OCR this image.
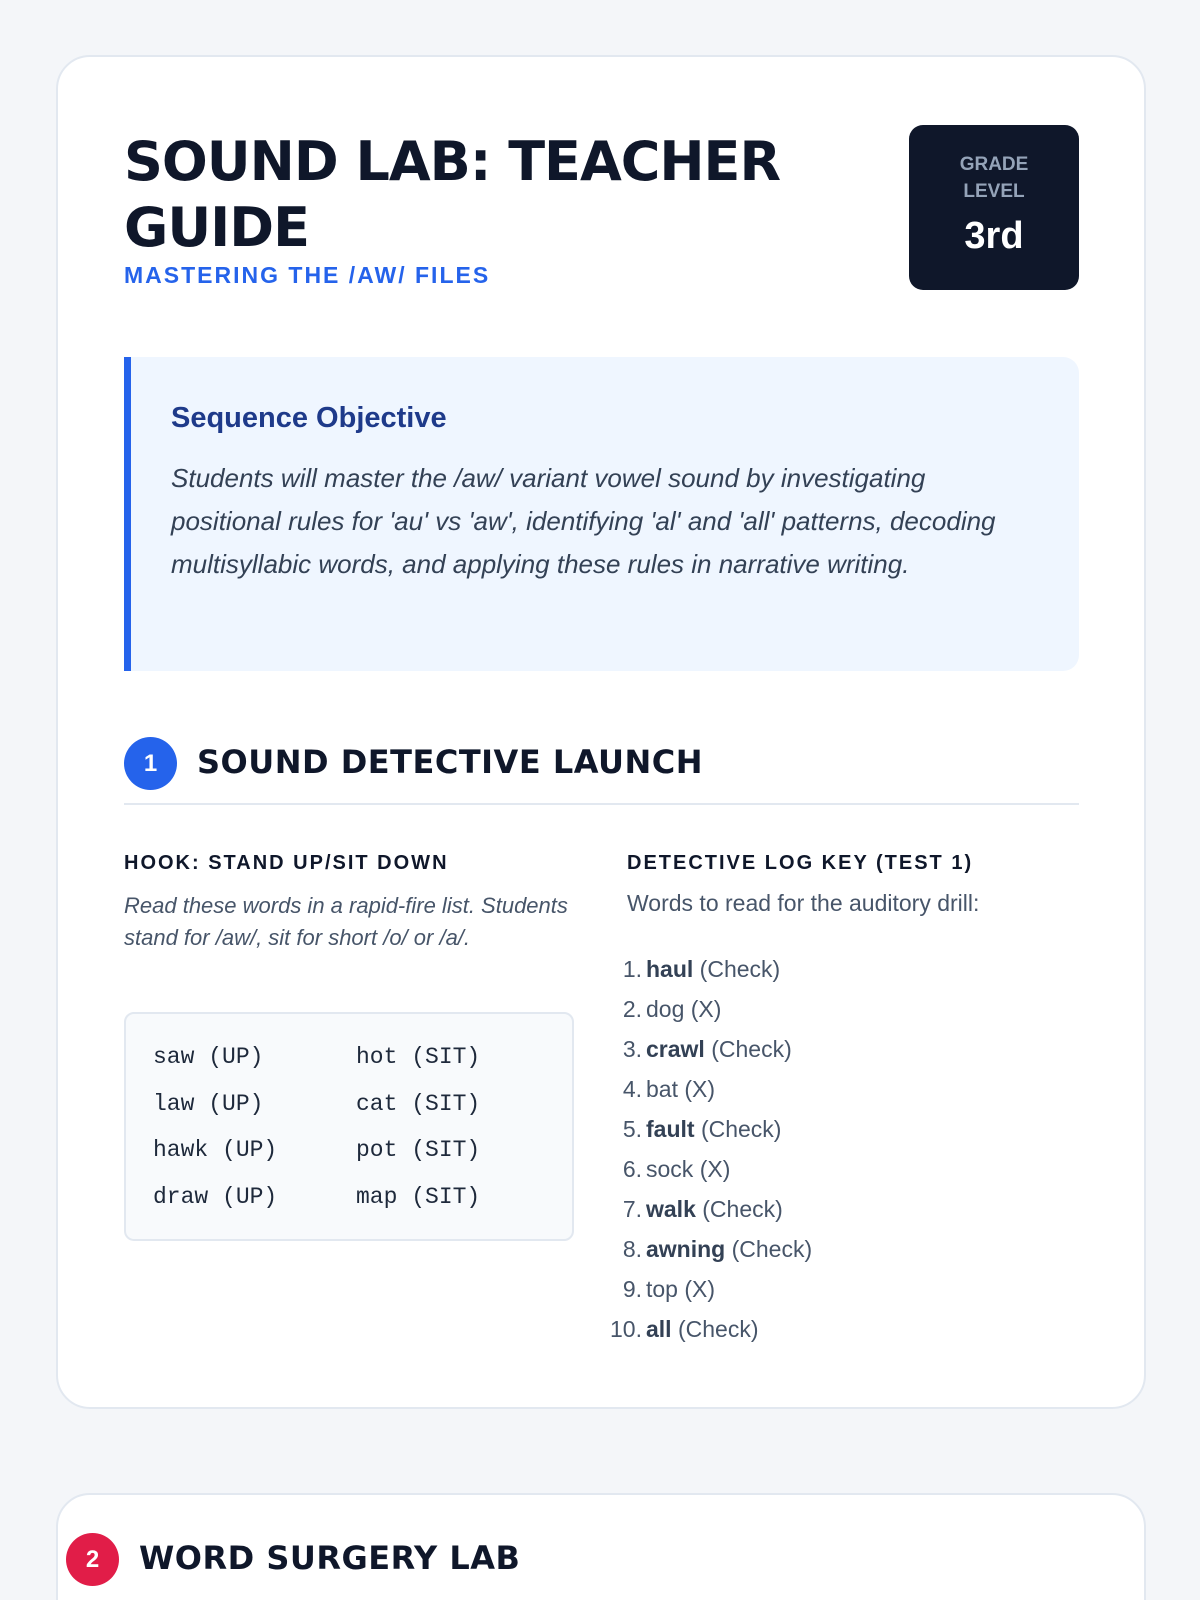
SOUND LAB: TEACHER GUIDE
MASTERING THE /AW/ FILES
GRADE LEVEL
3rd
Sequence Objective

Students will master the /aw/ variant vowel sound by investigating positional rules for 'au' vs 'aw', identifying 'al' and 'all' patterns, decoding multisyllabic words, and applying these rules in narrative writing.

1	SOUND DETECTIVE LAUNCH
HOOK: STAND UP/SIT DOWN

Read these words in a rapid-fire list. Students stand for /aw/, sit for short /o/ or /a/.

saw (UP)	hot (SIT)
law (UP)	cat (SIT)
hawk (UP)	pot (SIT)
draw (UP)	map (SIT)
DETECTIVE LOG KEY (TEST 1)

Words to read for the auditory drill:

1. haul (Check)
2. dog (X)
3. crawl (Check)
4. bat (X)
5. fault (Check)
6. sock (X)
7. walk (Check)
8. awning (Check)
9. top (X)
10. all (Check)
2	WORD SURGERY LAB
